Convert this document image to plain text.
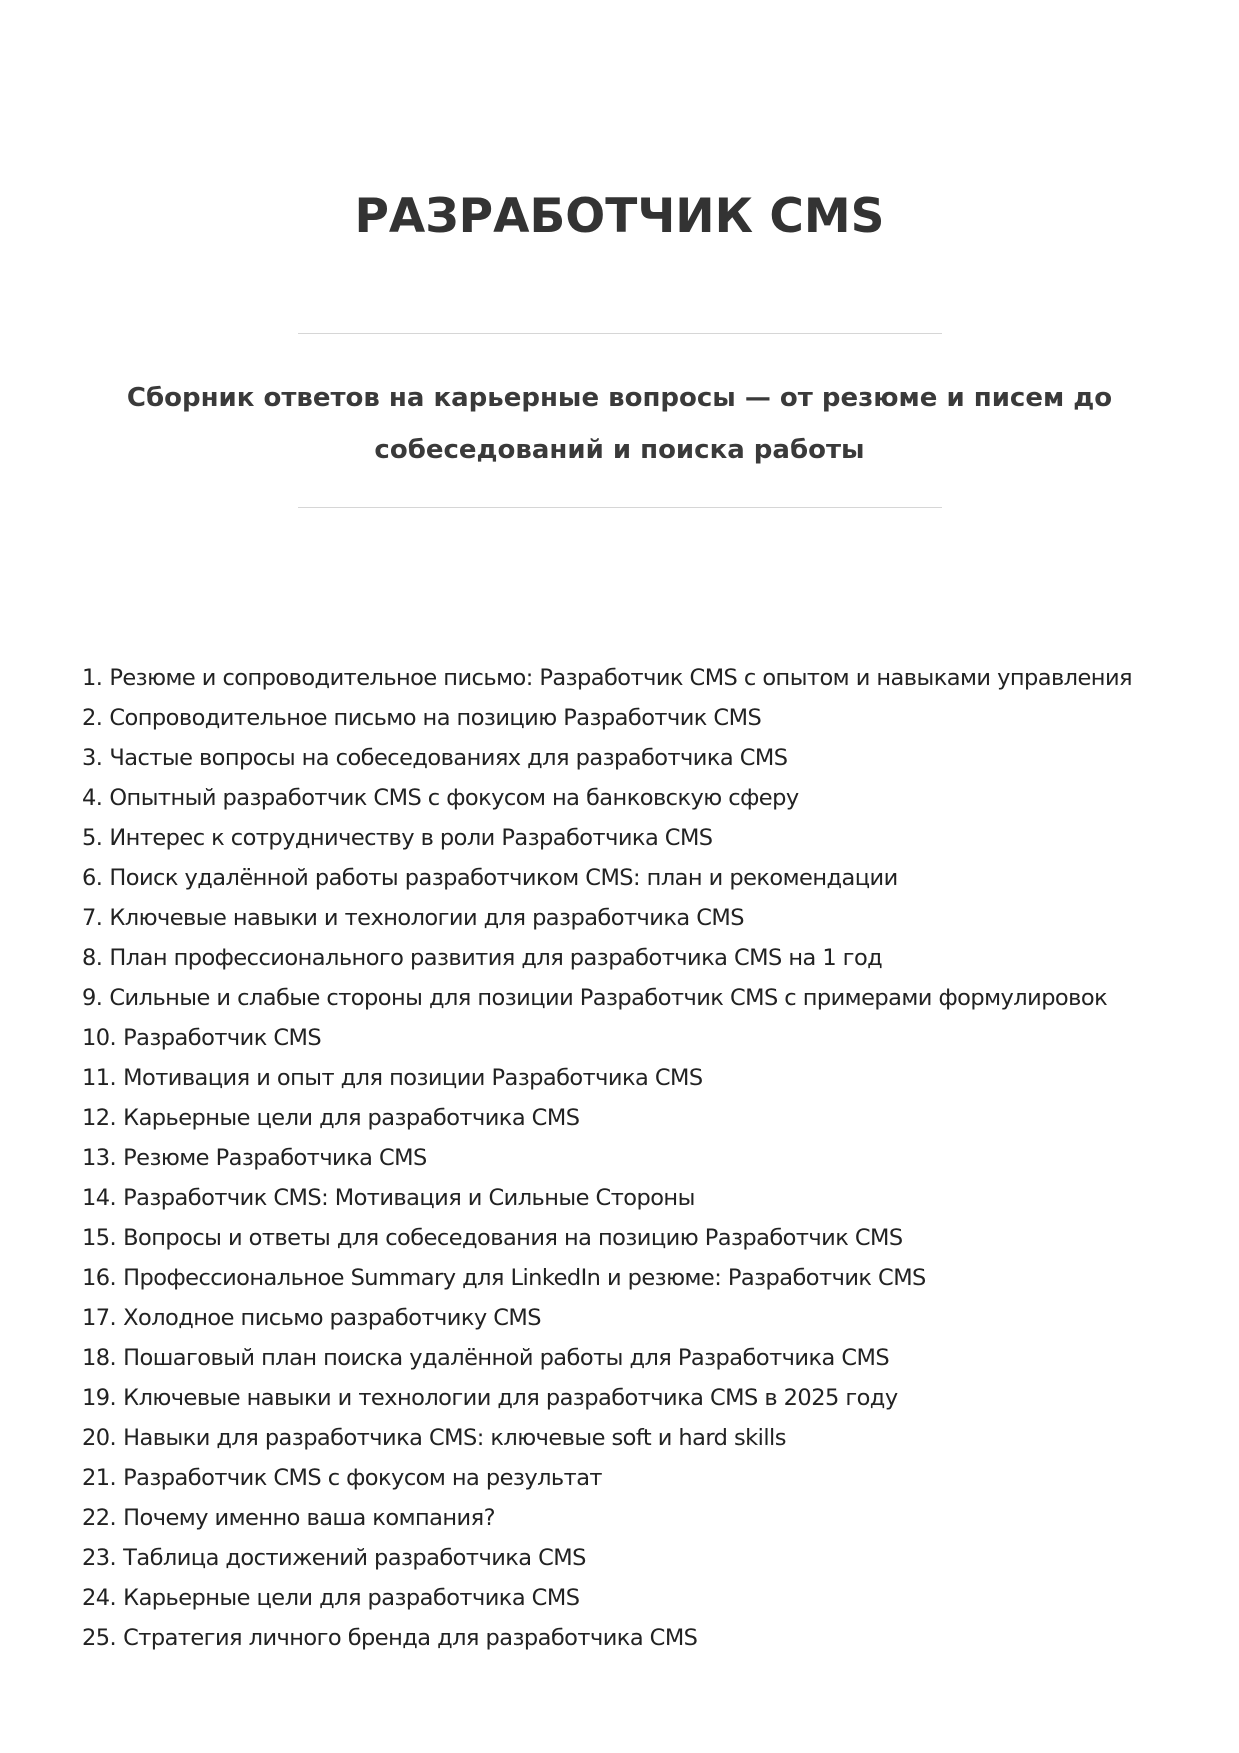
РАЗРАБОТЧИК CMS

Сборник ответов на карьерные вопросы — от резюме и писем до собеседований и поиска работы

1. Резюме и сопроводительное письмо: Разработчик CMS с опытом и навыками управления
2. Сопроводительное письмо на позицию Разработчик CMS
3. Частые вопросы на собеседованиях для разработчика CMS
4. Опытный разработчик CMS с фокусом на банковскую сферу
5. Интерес к сотрудничеству в роли Разработчика CMS
6. Поиск удалённой работы разработчиком CMS: план и рекомендации
7. Ключевые навыки и технологии для разработчика CMS
8. План профессионального развития для разработчика CMS на 1 год
9. Сильные и слабые стороны для позиции Разработчик CMS с примерами формулировок
10. Разработчик CMS
11. Мотивация и опыт для позиции Разработчика CMS
12. Карьерные цели для разработчика CMS
13. Резюме Разработчика CMS
14. Разработчик CMS: Мотивация и Сильные Стороны
15. Вопросы и ответы для собеседования на позицию Разработчик CMS
16. Профессиональное Summary для LinkedIn и резюме: Разработчик CMS
17. Холодное письмо разработчику CMS
18. Пошаговый план поиска удалённой работы для Разработчика CMS
19. Ключевые навыки и технологии для разработчика CMS в 2025 году
20. Навыки для разработчика CMS: ключевые soft и hard skills
21. Разработчик CMS с фокусом на результат
22. Почему именно ваша компания?
23. Таблица достижений разработчика CMS
24. Карьерные цели для разработчика CMS
25. Стратегия личного бренда для разработчика CMS
